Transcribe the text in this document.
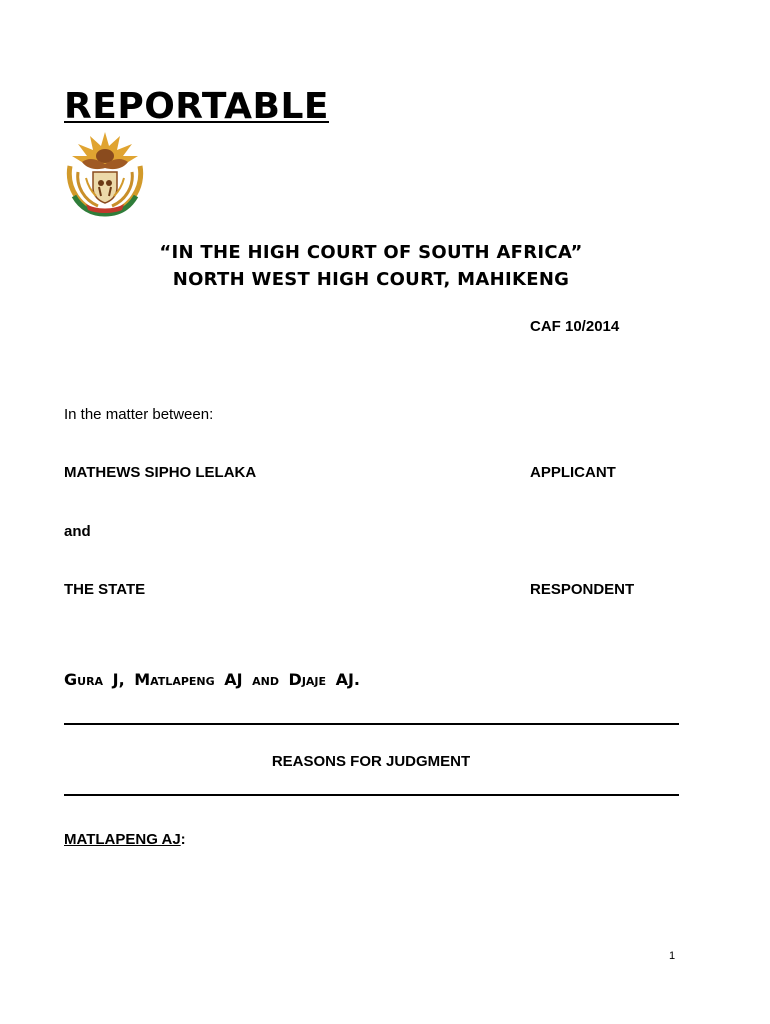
REPORTABLE
“IN THE HIGH COURT OF SOUTH AFRICA”
NORTH WEST HIGH COURT, MAHIKENG
CAF 10/2014
In the matter between:
MATHEWS SIPHO LELAKA	APPLICANT
and
THE STATE	RESPONDENT
Gura J, Matlapeng AJ and Djaje AJ.
REASONS FOR JUDGMENT
MATLAPENG AJ:
1
